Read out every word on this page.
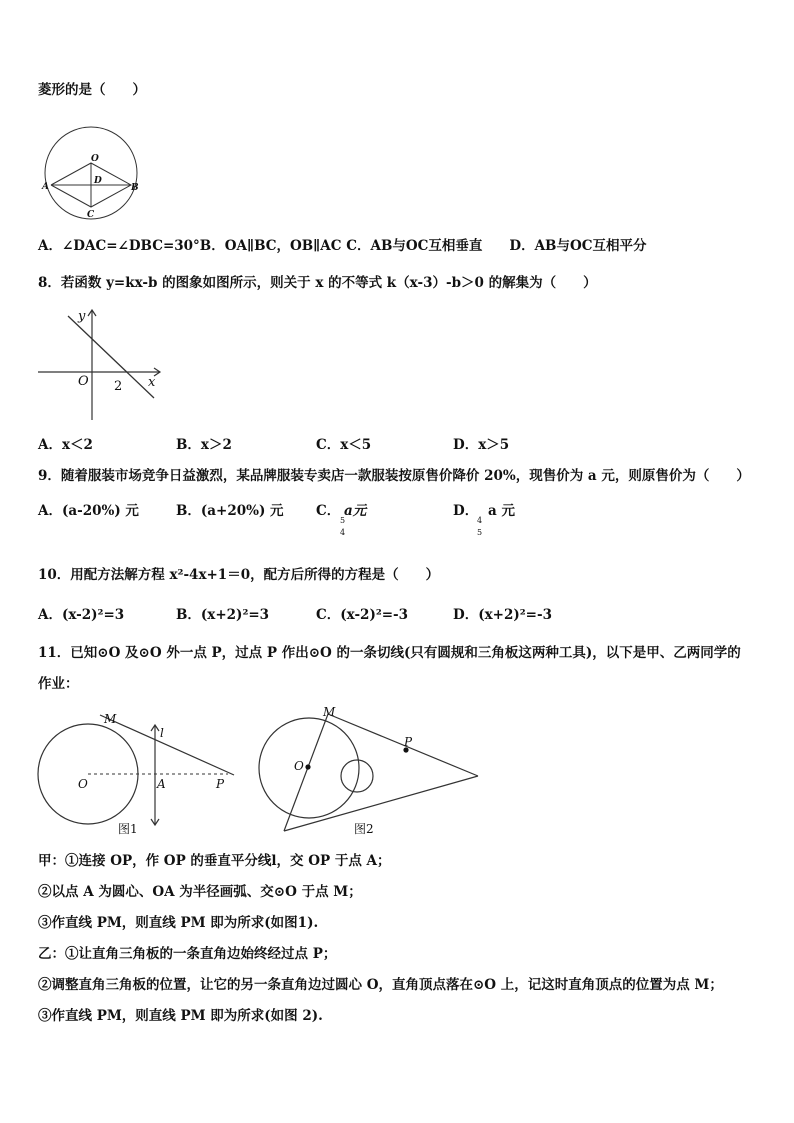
菱形的是（　　）
O
D
A	B
C
A．∠DAC=∠DBC=30°B．OA∥BC，OB∥AC C．AB与OC互相垂直　　D．AB与OC互相平分
8．若函数 y=kx-b 的图象如图所示，则关于 x 的不等式 k（x-3）-b＞0 的解集为（　　）
y
x
O 2
A．x＜2	B．x＞2	C．x＜5	D．x＞5
9．随着服装市场竞争日益激烈，某品牌服装专卖店一款服装按原售价降价 20%，现售价为 a 元，则原售价为（　　）
A．(a-20%) 元	B．(a+20%) 元 C．
5
4
a元	D．
4
5
a 元
10．用配方法解方程 x²-4x+1＝0，配方后所得的方程是（　　）
A．(x-2)²=3	B．(x+2)²=3	C．(x-2)²=-3	D．(x+2)²=-3
11．已知⊙O 及⊙O 外一点 P，过点 P 作出⊙O 的一条切线(只有圆规和三角板这两种工具)，以下是甲、乙两同学的
作业：
M
l
O	A	P
图1
M
P
O
图2
甲：①连接 OP，作 OP 的垂直平分线l，交 OP 于点 A；
②以点 A 为圆心、OA 为半径画弧、交⊙O 于点 M；
③作直线 PM，则直线 PM 即为所求(如图1).
乙：①让直角三角板的一条直角边始终经过点 P；
②调整直角三角板的位置，让它的另一条直角边过圆心 O，直角顶点落在⊙O 上，记这时直角顶点的位置为点 M；
③作直线 PM，则直线 PM 即为所求(如图 2).
